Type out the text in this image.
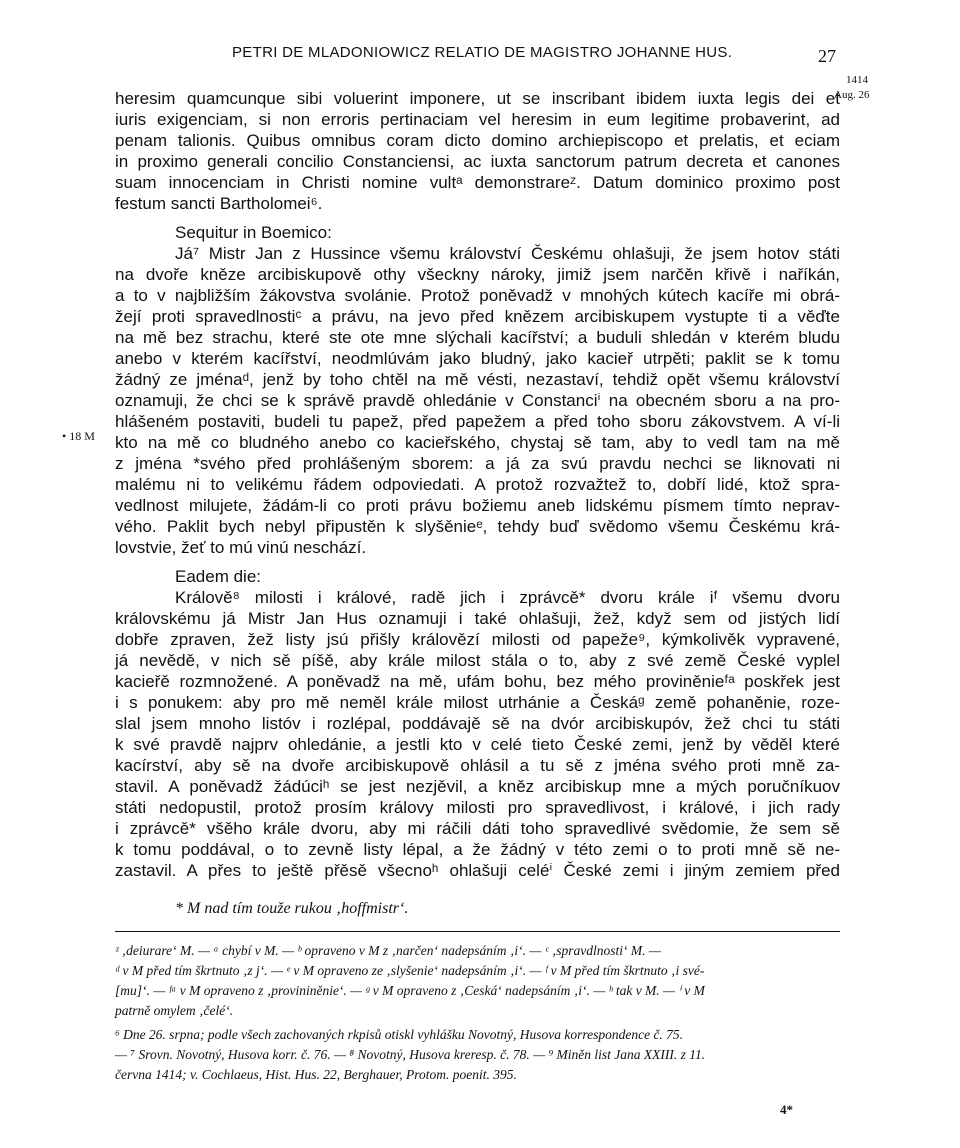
PETRI DE MLADONIOWICZ RELATIO DE MAGISTRO JOHANNE HUS.	27
1414
Aug. 26
• 18 M
heresim quamcunque sibi voluerint imponere, ut se inscribant ibidem iuxta legis dei et
iuris exigenciam, si non erroris pertinaciam vel heresim in eum legitime probaverint, ad
penam talionis. Quibus omnibus coram dicto domino archiepiscopo et prelatis, et eciam
in proximo generali concilio Constanciensi, ac iuxta sanctorum patrum decreta et canones
suam innocenciam in Christi nomine vultᵃ demonstrareᶻ. Datum dominico proximo post
festum sancti Bartholomei⁶.
Sequitur in Boemico:
Já⁷ Mistr Jan z Hussince všemu království Českému ohlašuji, že jsem hotov státi
na dvoře kněze arcibiskupově othy všeckny nároky, jimiž jsem narčěn křivě i naříkán,
a to v najbližším žákovstva svolánie. Protož poněvadž v mnohých kútech kacíře mi obrá-
žejí proti spravedlnostiᶜ a právu, na jevo před knězem arcibiskupem vystupte ti a věďte
na mě bez strachu, které ste ote mne slýchali kacířství; a buduli shledán v kterém bludu
anebo v kterém kacířství, neodmlúvám jako bludný, jako kacieř utrpěti; paklit se k tomu
žádný ze jménaᵈ, jenž by toho chtěl na mě vésti, nezastaví, tehdiž opět všemu království
oznamuji, že chci se k správě pravdě ohledánie v Constanciⁱ na obecném sboru a na pro-
hlášeném postaviti, budeli tu papež, před papežem a před toho sboru zákovstvem. A ví-li
kto na mě co bludného anebo co kacieřského, chystaj sě tam, aby to vedl tam na mě
z jména *svého před prohlášeným sborem: a já za svú pravdu nechci se liknovati ni
malému ni to velikému řádem odpoviedati. A protož rozvažtež to, dobří lidé, ktož spra-
vedlnost milujete, žádám-li co proti právu božiemu aneb lidskému písmem tímto neprav-
vého. Paklit bych nebyl připustěn k slyšěnieᵉ, tehdy buď svědomo všemu Českému krá-
lovstvie, žeť to mú vinú neschází.
Eadem die:
Králově⁸ milosti i králové, radě jich i zprávcě* dvoru krále iᶠ všemu dvoru
královskému já Mistr Jan Hus oznamuji i také ohlašuji, žež, když sem od jistých lidí
dobře zpraven, žež listy jsú přišly královězí milosti od papeže⁹, kýmkolivěk vypravené,
já nevědě, v nich sě píšě, aby krále milost stála o to, aby z své země České vyplel
kacieřě rozmnožené. A poněvadž na mě, ufám bohu, bez mého proviněnieᶠᵃ poskřek jest
i s ponukem: aby pro mě neměl krále milost utrhánie a Českáᵍ země pohaněnie, roze-
slal jsem mnoho listóv i rozlépal, poddávajě sě na dvór arcibiskupóv, žež chci tu státi
k své pravdě najprv ohledánie, a jestli kto v celé tieto České zemi, jenž by věděl které
kacírství, aby sě na dvoře arcibiskupově ohlásil a tu sě z jména svého proti mně za-
stavil. A poněvadž žádúciʰ se jest nezjěvil, a kněz arcibiskup mne a mých poručníkuov
státi nedopustil, protož prosím královy milosti pro spravedlivost, i králové, i jich rady
i zprávcě* všěho krále dvoru, aby mi ráčili dáti toho spravedlivé svědomie, že sem sě
k tomu poddával, o to zevně listy lépal, a že žádný v této zemi o to proti mně sě ne-
zastavil. A přes to ještě přěsě všecnoʰ ohlašuji celéⁱ České zemi i jiným zemiem před
* M nad tím touže rukou ‚hoffmistr‘.
ᶻ ‚deiurare‘ M. — ᵃ chybí v M. — ᵇ opraveno v M z ‚narčen‘ nadepsáním ‚i‘. — ᶜ ‚spravdlnosti‘ M. —
ᵈ v M před tím škrtnuto ‚z j‘. — ᵉ v M opraveno ze ‚slyšenie‘ nadepsáním ‚i‘. — ᶠ v M před tím škrtnuto ‚i své-
[mu]‘. — ᶠᵃ v M opraveno z ‚provininěnie‘. — ᵍ v M opraveno z ‚Ceská‘ nadepsáním ‚i‘. — ʰ tak v M. — ⁱ v M
patrně omylem ‚čelé‘.
⁶ Dne 26. srpna; podle všech zachovaných rkpisů otiskl vyhlášku Novotný, Husova korrespondence č. 75.
— ⁷ Srovn. Novotný, Husova korr. č. 76. — ⁸ Novotný, Husova kreresp. č. 78. — ⁹ Miněn list Jana XXIII. z 11.
června 1414; v. Cochlaeus, Hist. Hus. 22, Berghauer, Protom. poenit. 395.
4*
